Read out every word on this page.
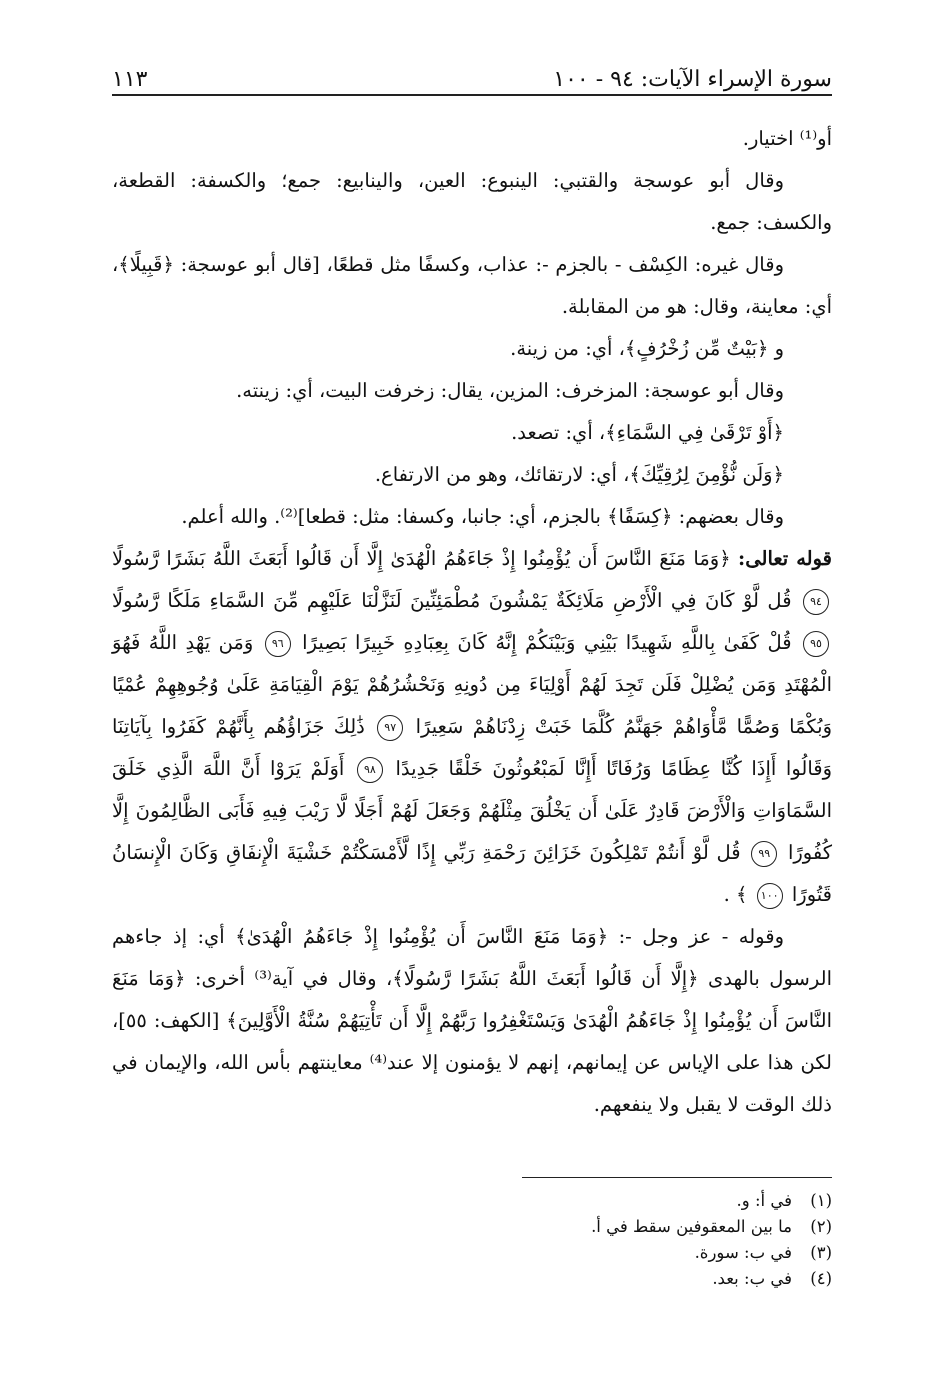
سورة الإسراء الآيات: ٩٤ - ١٠٠
١١٣

أو⁽¹⁾ اختيار.

وقال أبو عوسجة والقتبي: الينبوع: العين، والينابيع: جمع؛ والكسفة: القطعة، والكسف: جمع.

وقال غيره: الكِسْف - بالجزم -: عذاب، وكسفًا مثل قطعًا، [قال أبو عوسجة: ﴿قَبِيلًا﴾، أي: معاينة، وقال: هو من المقابلة.

و ﴿بَيْتٌ مِّن زُخْرُفٍ﴾، أي: من زينة.

وقال أبو عوسجة: المزخرف: المزين، يقال: زخرفت البيت، أي: زينته.

﴿أَوْ تَرْقَىٰ فِي السَّمَاءِ﴾، أي: تصعد.

﴿وَلَن نُّؤْمِنَ لِرُقِيِّكَ﴾، أي: لارتقائك، وهو من الارتفاع.

وقال بعضهم: ﴿كِسَفًا﴾ بالجزم، أي: جانبا، وكسفا: مثل: قطعا]⁽²⁾. والله أعلم.

قوله تعالى: ﴿وَمَا مَنَعَ النَّاسَ أَن يُؤْمِنُوا إِذْ جَاءَهُمُ الْهُدَىٰ إِلَّا أَن قَالُوا أَبَعَثَ اللَّهُ بَشَرًا رَّسُولًا ٩٤ قُل لَّوْ كَانَ فِي الْأَرْضِ مَلَائِكَةٌ يَمْشُونَ مُطْمَئِنِّينَ لَنَزَّلْنَا عَلَيْهِم مِّنَ السَّمَاءِ مَلَكًا رَّسُولًا ٩٥ قُلْ كَفَىٰ بِاللَّهِ شَهِيدًا بَيْنِي وَبَيْنَكُمْ إِنَّهُ كَانَ بِعِبَادِهِ خَبِيرًا بَصِيرًا ٩٦ وَمَن يَهْدِ اللَّهُ فَهُوَ الْمُهْتَدِ وَمَن يُضْلِلْ فَلَن تَجِدَ لَهُمْ أَوْلِيَاءَ مِن دُونِهِ وَنَحْشُرُهُمْ يَوْمَ الْقِيَامَةِ عَلَىٰ وُجُوهِهِمْ عُمْيًا وَبُكْمًا وَصُمًّا مَّأْوَاهُمْ جَهَنَّمُ كُلَّمَا خَبَتْ زِدْنَاهُمْ سَعِيرًا ٩٧ ذَٰلِكَ جَزَاؤُهُم بِأَنَّهُمْ كَفَرُوا بِآيَاتِنَا وَقَالُوا أَإِذَا كُنَّا عِظَامًا وَرُفَاتًا أَإِنَّا لَمَبْعُوثُونَ خَلْقًا جَدِيدًا ٩٨ أَوَلَمْ يَرَوْا أَنَّ اللَّهَ الَّذِي خَلَقَ السَّمَاوَاتِ وَالْأَرْضَ قَادِرٌ عَلَىٰ أَن يَخْلُقَ مِثْلَهُمْ وَجَعَلَ لَهُمْ أَجَلًا لَّا رَيْبَ فِيهِ فَأَبَى الظَّالِمُونَ إِلَّا كُفُورًا ٩٩ قُل لَّوْ أَنتُمْ تَمْلِكُونَ خَزَائِنَ رَحْمَةِ رَبِّي إِذًا لَّأَمْسَكْتُمْ خَشْيَةَ الْإِنفَاقِ وَكَانَ الْإِنسَانُ قَتُورًا ١٠٠ ﴾ .

وقوله - عز وجل -: ﴿وَمَا مَنَعَ النَّاسَ أَن يُؤْمِنُوا إِذْ جَاءَهُمُ الْهُدَىٰ﴾ أي: إذ جاءهم الرسول بالهدى ﴿إِلَّا أَن قَالُوا أَبَعَثَ اللَّهُ بَشَرًا رَّسُولًا﴾، وقال في آية⁽³⁾ أخرى: ﴿وَمَا مَنَعَ النَّاسَ أَن يُؤْمِنُوا إِذْ جَاءَهُمُ الْهُدَىٰ وَيَسْتَغْفِرُوا رَبَّهُمْ إِلَّا أَن تَأْتِيَهُمْ سُنَّةُ الْأَوَّلِينَ﴾ [الكهف: ٥٥]، لكن هذا على الإياس عن إيمانهم، إنهم لا يؤمنون إلا عند⁽⁴⁾ معاينتهم بأس الله، والإيمان في ذلك الوقت لا يقبل ولا ينفعهم.

(١)
في أ: و.
(٢)
ما بين المعقوفين سقط في أ.
(٣)
في ب: سورة.
(٤)
في ب: بعد.
